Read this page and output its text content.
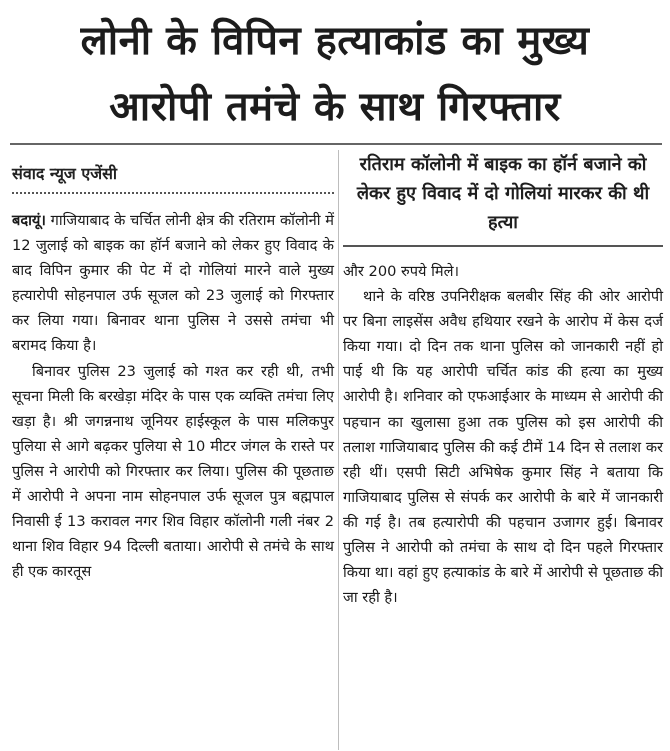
लोनी के विपिन हत्याकांड का मुख्य
आरोपी तमंचे के साथ गिरफ्तार
संवाद न्यूज एजेंसी

बदायूं। गाजियाबाद के चर्चित लोनी क्षेत्र की रतिराम कॉलोनी में 12 जुलाई को बाइक का हॉर्न बजाने को लेकर हुए विवाद के बाद विपिन कुमार की पेट में दो गोलियां मारने वाले मुख्य हत्यारोपी सोहनपाल उर्फ सूजल को 23 जुलाई को गिरफ्तार कर लिया गया। बिनावर थाना पुलिस ने उससे तमंचा भी बरामद किया है।

बिनावर पुलिस 23 जुलाई को गश्त कर रही थी, तभी सूचना मिली कि बरखेड़ा मंदिर के पास एक व्यक्ति तमंचा लिए खड़ा है। श्री जगन्ननाथ जूनियर हाईस्कूल के पास मलिकपुर पुलिया से आगे बढ़कर पुलिया से 10 मीटर जंगल के रास्ते पर पुलिस ने आरोपी को गिरफ्तार कर लिया। पुलिस की पूछताछ में आरोपी ने अपना नाम सोहनपाल उर्फ सूजल पुत्र बह्मपाल निवासी ई 13 करावल नगर शिव विहार कॉलोनी गली नंबर 2 थाना शिव विहार 94 दिल्ली बताया। आरोपी से तमंचे के साथ ही एक कारतूस

रतिराम कॉलोनी में बाइक का हॉर्न बजाने को लेकर हुए विवाद में दो गोलियां मारकर की थी हत्या

और 200 रुपये मिले।

थाने के वरिष्ठ उपनिरीक्षक बलबीर सिंह की ओर आरोपी पर बिना लाइसेंस अवैध हथियार रखने के आरोप में केस दर्ज किया गया। दो दिन तक थाना पुलिस को जानकारी नहीं हो पाई थी कि यह आरोपी चर्चित कांड की हत्या का मुख्य आरोपी है। शनिवार को एफआईआर के माध्यम से आरोपी की पहचान का खुलासा हुआ तक पुलिस को इस आरोपी की तलाश गाजियाबाद पुलिस की कई टीमें 14 दिन से तलाश कर रही थीं। एसपी सिटी अभिषेक कुमार सिंह ने बताया कि गाजियाबाद पुलिस से संपर्क कर आरोपी के बारे में जानकारी की गई है। तब हत्यारोपी की पहचान उजागर हुई। बिनावर पुलिस ने आरोपी को तमंचा के साथ दो दिन पहले गिरफ्तार किया था। वहां हुए हत्याकांड के बारे में आरोपी से पूछताछ की जा रही है।
